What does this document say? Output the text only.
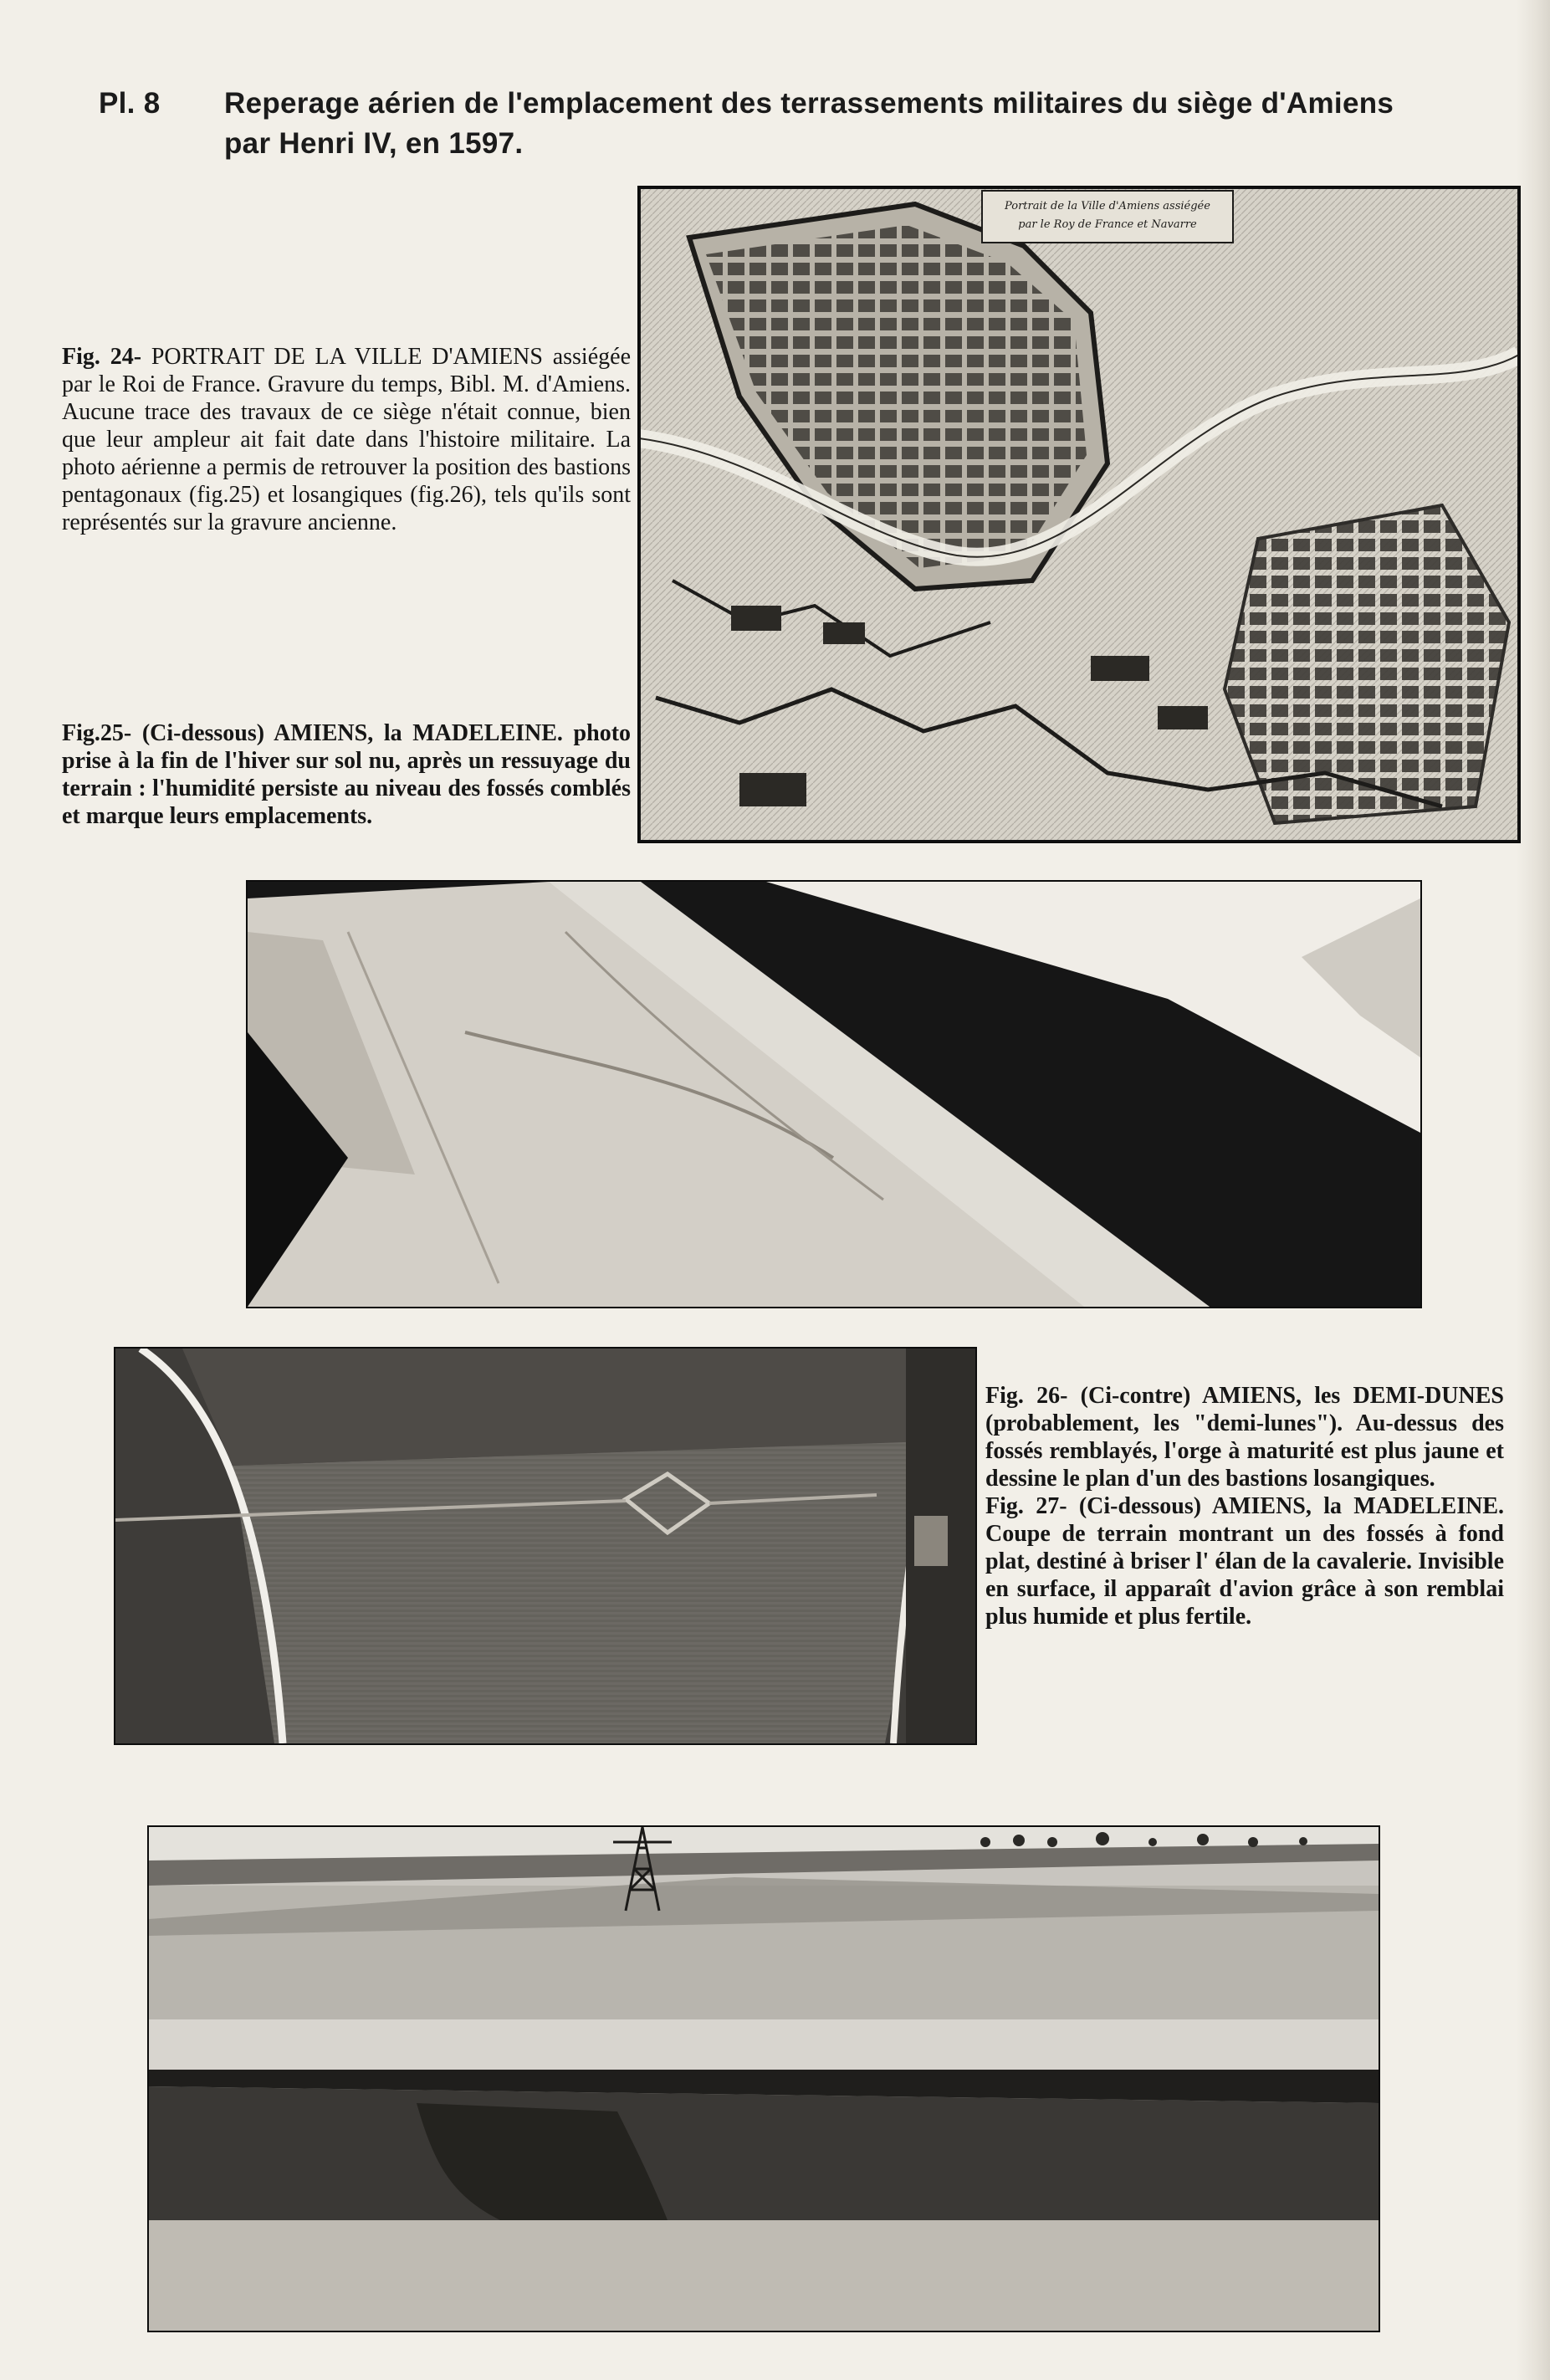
Pl. 8 Reperage aérien de l'emplacement des terrassements militaires du siège d'Amiens
par Henri IV, en 1597.
Fig. 24- PORTRAIT DE LA VILLE D'AMIENS assiégée par le Roi de France. Gravure du temps, Bibl. M. d'Amiens. Aucune trace des travaux de ce siège n'était connue, bien que leur ampleur ait fait date dans l'histoire militaire. La photo aérienne a permis de retrouver la position des bastions pentagonaux (fig.25) et losangiques (fig.26), tels qu'ils sont représentés sur la gravure ancienne.
Fig.25- (Ci-dessous) AMIENS, la MADELEINE. photo prise à la fin de l'hiver sur sol nu, après un ressuyage du terrain : l'humidité persiste au niveau des fossés comblés et marque leurs emplacements.
Fig. 26- (Ci-contre) AMIENS, les DEMI-DUNES (probablement, les "demi-lunes"). Au-dessus des fossés remblayés, l'orge à maturité est plus jaune et dessine le plan d'un des bastions losangiques.
Fig. 27- (Ci-dessous) AMIENS, la MADELEINE. Coupe de terrain montrant un des fossés à fond plat, destiné à briser l' élan de la cavalerie. Invisible en surface, il apparaît d'avion grâce à son remblai plus humide et plus fertile.
Portrait de la Ville d'Amiens assiégée
par le Roy de France et Navarre
